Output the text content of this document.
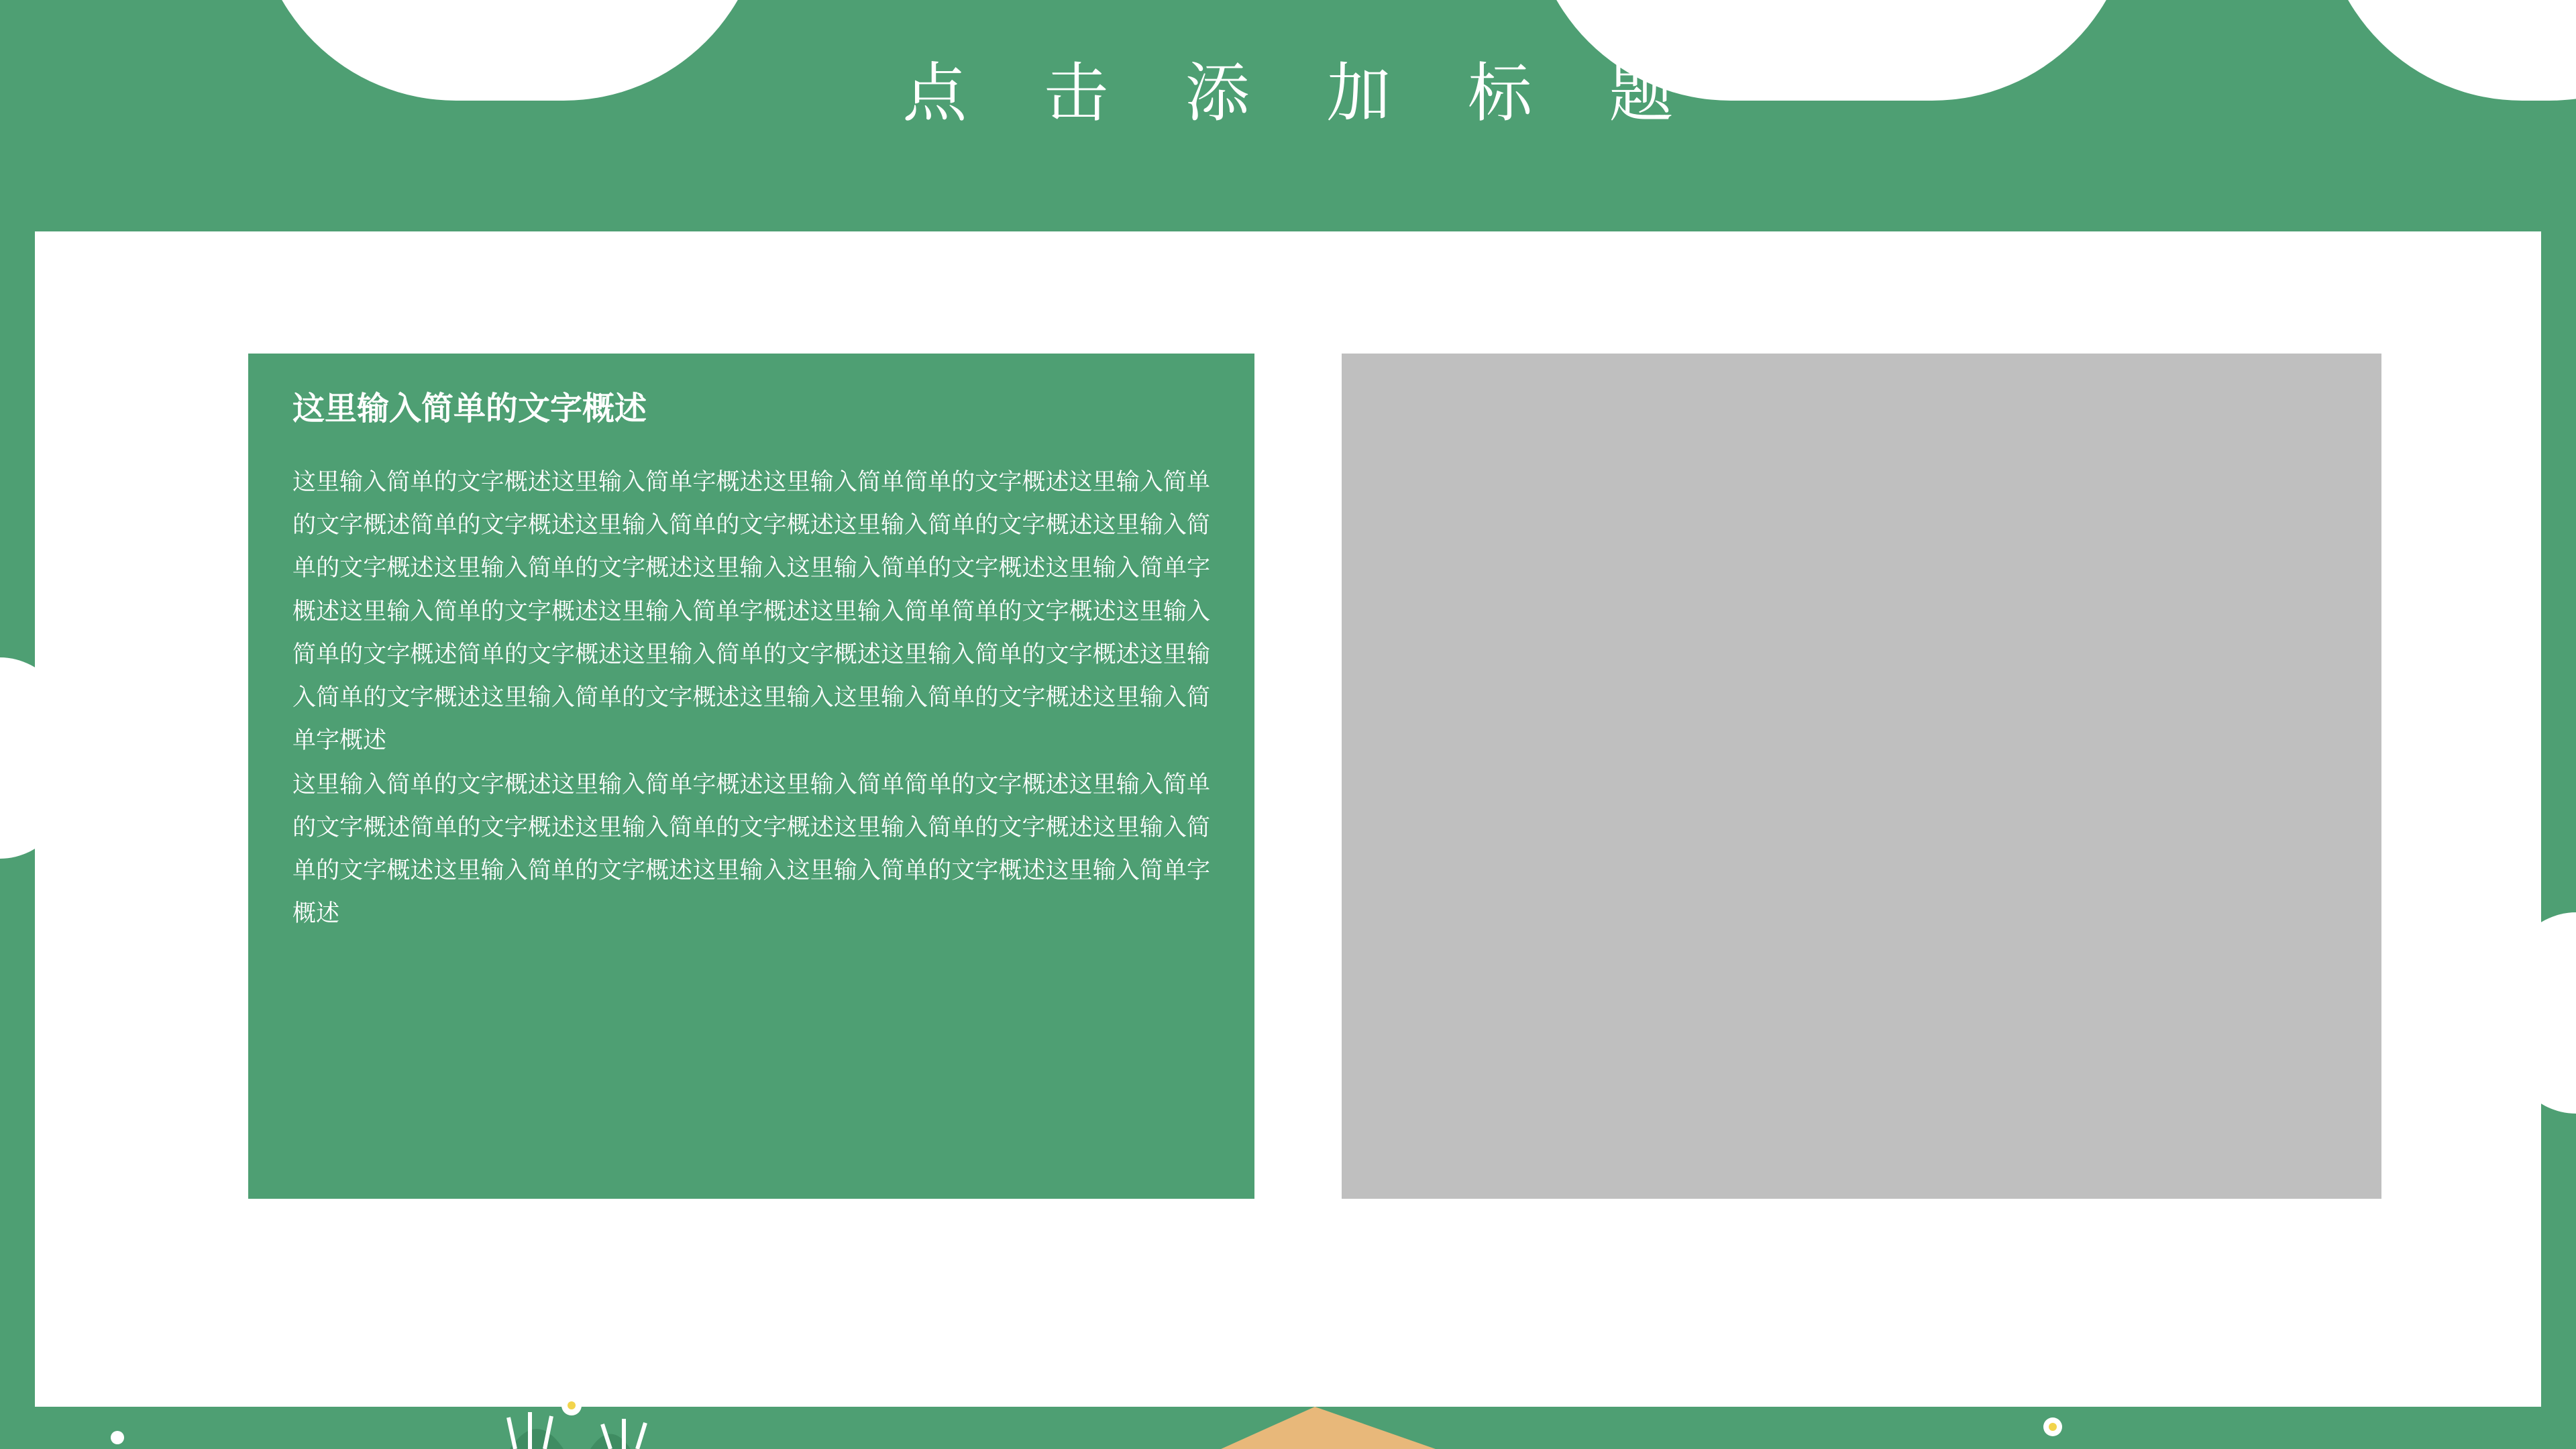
点 击 添 加 标 题
这里输入简单的文字概述

这里输入简单的文字概述这里输入简单字概述这里输入简单简单的文字概述这里输入简单的文字概述简单的文字概述这里输入简单的文字概述这里输入简单的文字概述这里输入简单的文字概述这里输入简单的文字概述这里输入这里输入简单的文字概述这里输入简单字概述这里输入简单的文字概述这里输入简单字概述这里输入简单简单的文字概述这里输入简单的文字概述简单的文字概述这里输入简单的文字概述这里输入简单的文字概述这里输入简单的文字概述这里输入简单的文字概述这里输入这里输入简单的文字概述这里输入简单字概述

这里输入简单的文字概述这里输入简单字概述这里输入简单简单的文字概述这里输入简单的文字概述简单的文字概述这里输入简单的文字概述这里输入简单的文字概述这里输入简单的文字概述这里输入简单的文字概述这里输入这里输入简单的文字概述这里输入简单字概述
